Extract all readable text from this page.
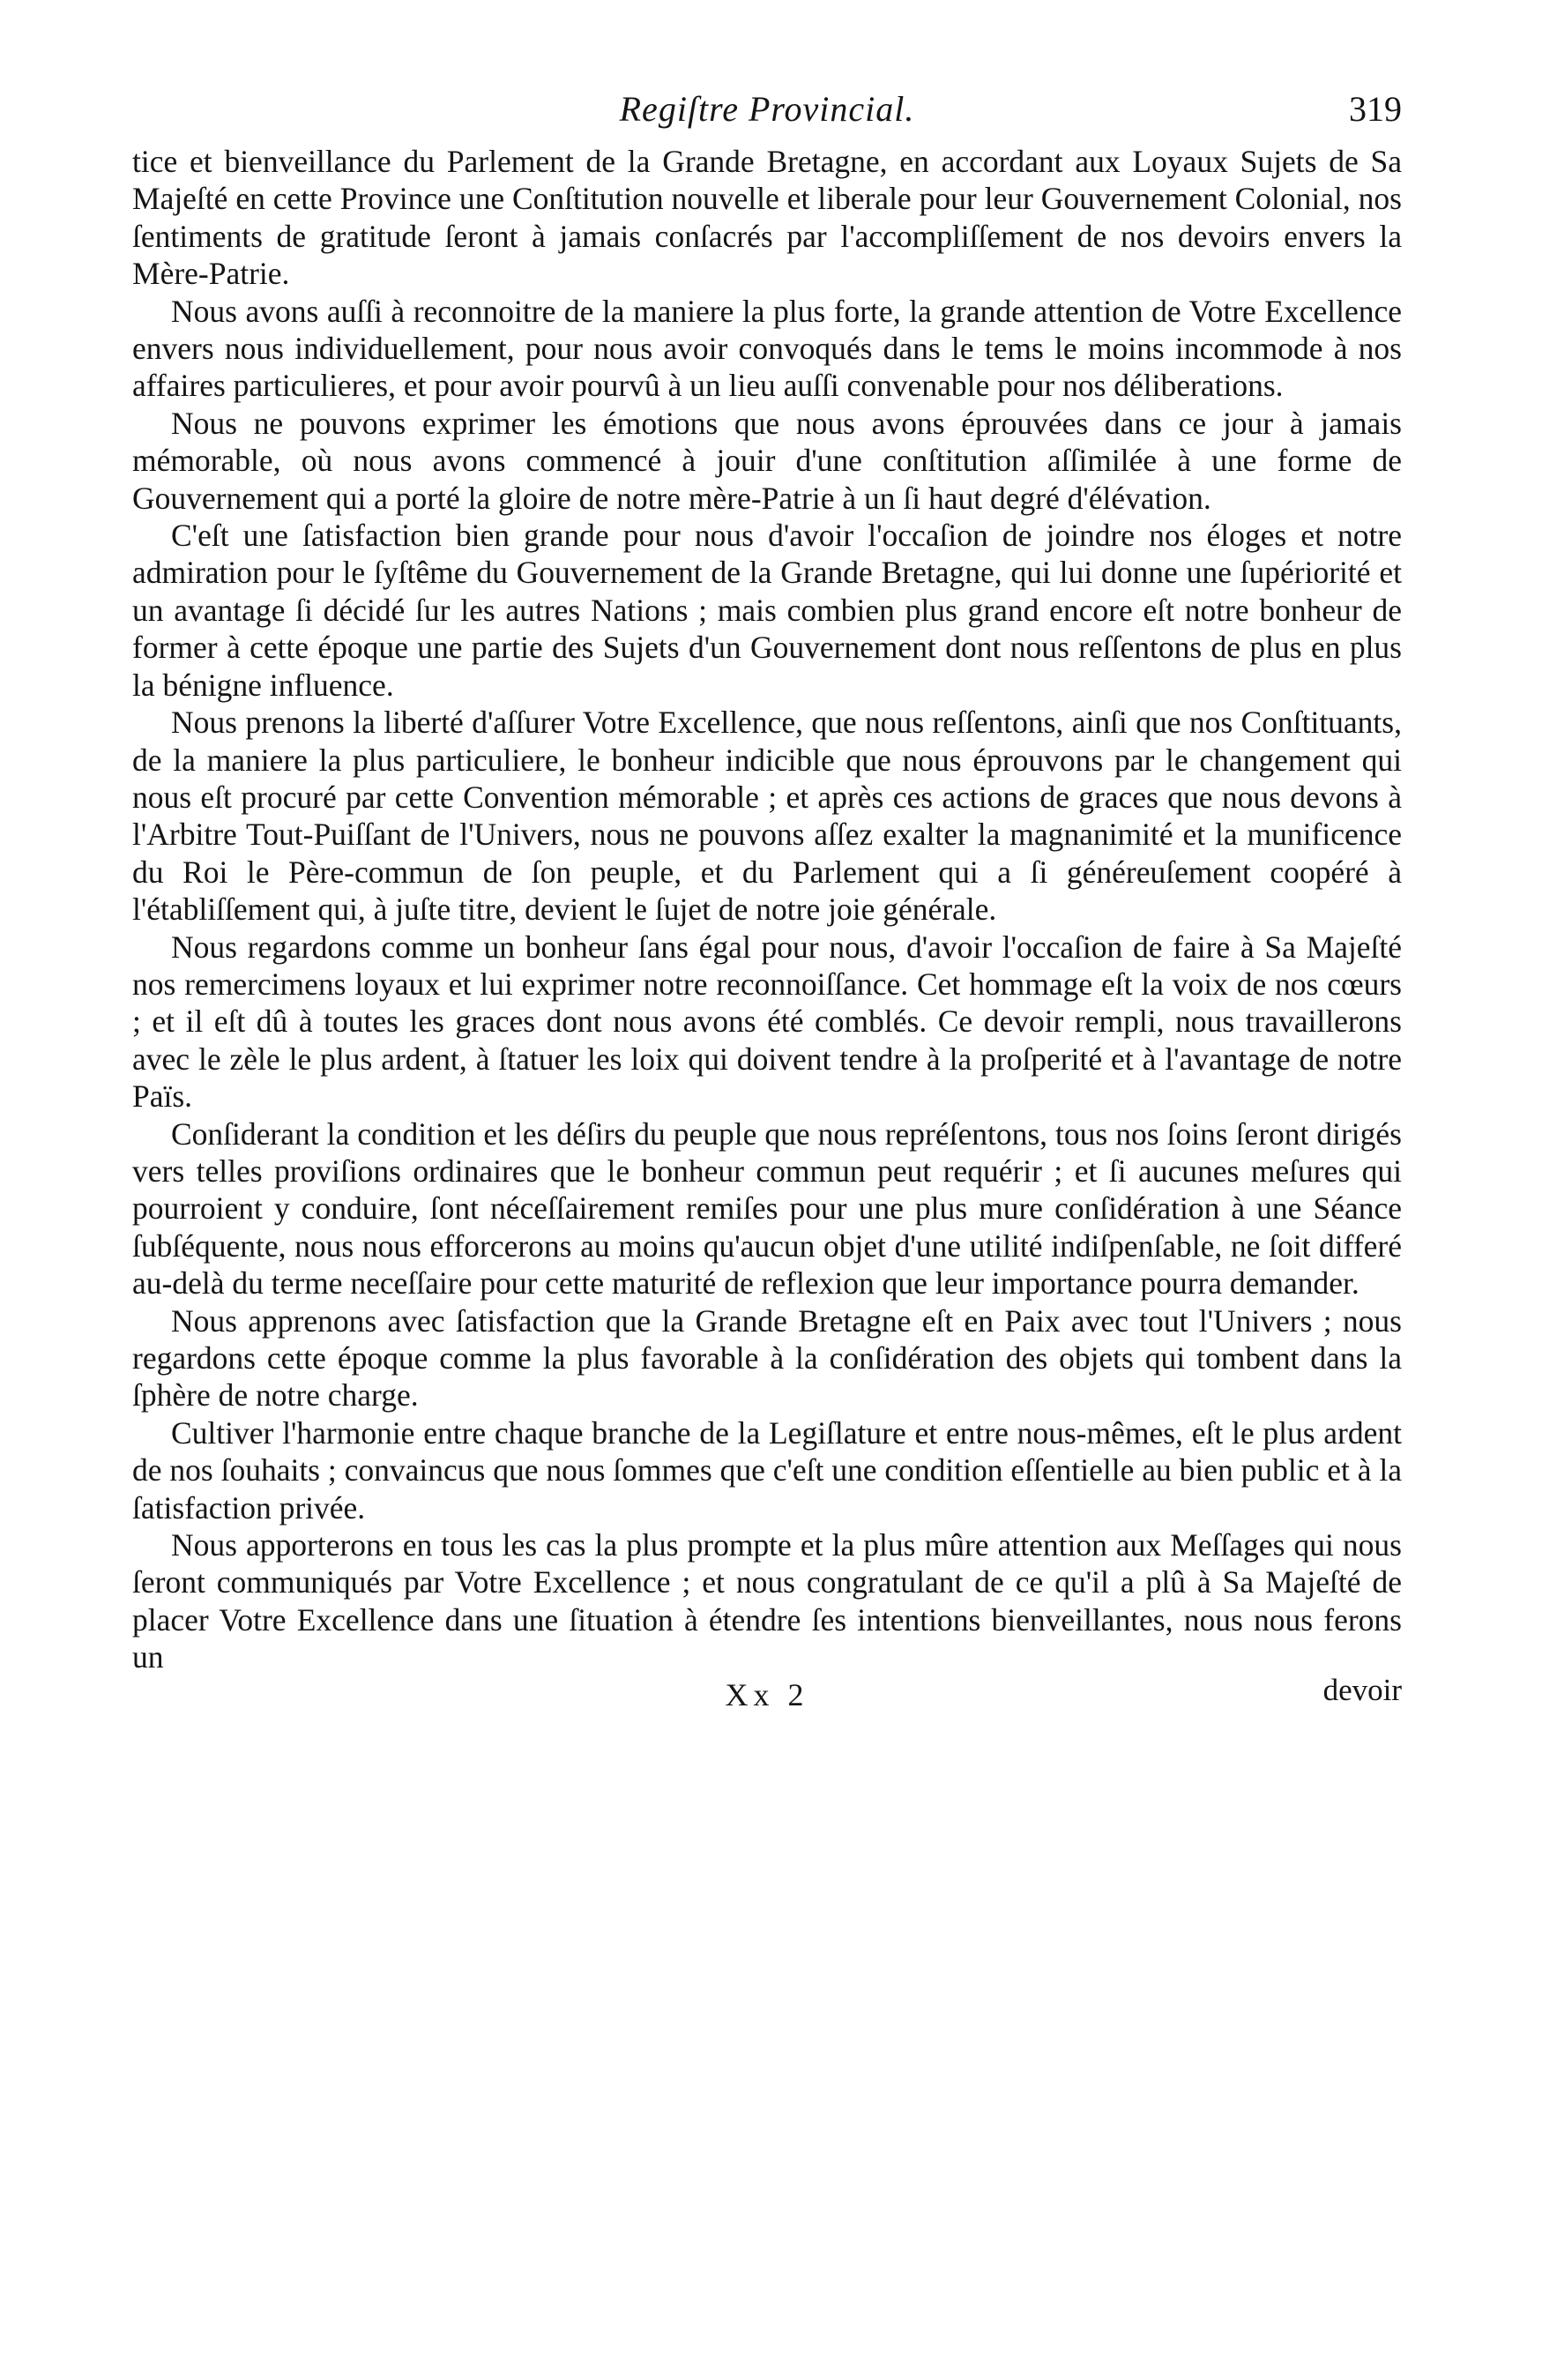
Regiſtre Provincial.	319

tice et bienveillance du Parlement de la Grande Bretagne, en accordant aux Loyaux Sujets de Sa Majeſté en cette Province une Conſtitution nouvelle et liberale pour leur Gouvernement Colonial, nos ſentiments de gratitude ſeront à jamais conſacrés par l'accompliſſement de nos devoirs envers la Mère-Patrie.

Nous avons auſſi à reconnoitre de la maniere la plus forte, la grande attention de Votre Excellence envers nous individuellement, pour nous avoir convoqués dans le tems le moins incommode à nos affaires particulieres, et pour avoir pourvû à un lieu auſſi convenable pour nos déliberations.

Nous ne pouvons exprimer les émotions que nous avons éprouvées dans ce jour à jamais mémorable, où nous avons commencé à jouir d'une conſtitution aſſimilée à une forme de Gouvernement qui a porté la gloire de notre mère-Patrie à un ſi haut degré d'élévation.

C'eſt une ſatisfaction bien grande pour nous d'avoir l'occaſion de joindre nos éloges et notre admiration pour le ſyſtême du Gouvernement de la Grande Bretagne, qui lui donne une ſupériorité et un avantage ſi décidé ſur les autres Nations ; mais combien plus grand encore eſt notre bonheur de former à cette époque une partie des Sujets d'un Gouvernement dont nous reſſentons de plus en plus la bénigne influence.

Nous prenons la liberté d'aſſurer Votre Excellence, que nous reſſentons, ainſi que nos Conſtituants, de la maniere la plus particuliere, le bonheur indicible que nous éprouvons par le changement qui nous eſt procuré par cette Convention mémorable ; et après ces actions de graces que nous devons à l'Arbitre Tout-Puiſſant de l'Univers, nous ne pouvons aſſez exalter la magnanimité et la munificence du Roi le Père-commun de ſon peuple, et du Parlement qui a ſi généreuſement coopéré à l'établiſſement qui, à juſte titre, devient le ſujet de notre joie générale.

Nous regardons comme un bonheur ſans égal pour nous, d'avoir l'occaſion de faire à Sa Majeſté nos remercimens loyaux et lui exprimer notre reconnoiſſance. Cet hommage eſt la voix de nos cœurs ; et il eſt dû à toutes les graces dont nous avons été comblés. Ce devoir rempli, nous travaillerons avec le zèle le plus ardent, à ſtatuer les loix qui doivent tendre à la proſperité et à l'avantage de notre Païs.

Conſiderant la condition et les déſirs du peuple que nous repréſentons, tous nos ſoins ſeront dirigés vers telles proviſions ordinaires que le bonheur commun peut requérir ; et ſi aucunes meſures qui pourroient y conduire, ſont néceſſairement remiſes pour une plus mure conſidération à une Séance ſubſéquente, nous nous efforcerons au moins qu'aucun objet d'une utilité indiſpenſable, ne ſoit differé au-delà du terme neceſſaire pour cette maturité de reflexion que leur importance pourra demander.

Nous apprenons avec ſatisfaction que la Grande Bretagne eſt en Paix avec tout l'Univers ; nous regardons cette époque comme la plus favorable à la conſidération des objets qui tombent dans la ſphère de notre charge.

Cultiver l'harmonie entre chaque branche de la Legiſlature et entre nous-mêmes, eſt le plus ardent de nos ſouhaits ; convaincus que nous ſommes que c'eſt une condition eſſentielle au bien public et à la ſatisfaction privée.

Nous apporterons en tous les cas la plus prompte et la plus mûre attention aux Meſſages qui nous ſeront communiqués par Votre Excellence ; et nous congratulant de ce qu'il a plû à Sa Majeſté de placer Votre Excellence dans une ſituation à étendre ſes intentions bienveillantes, nous nous ferons un

Xx 2	devoir
